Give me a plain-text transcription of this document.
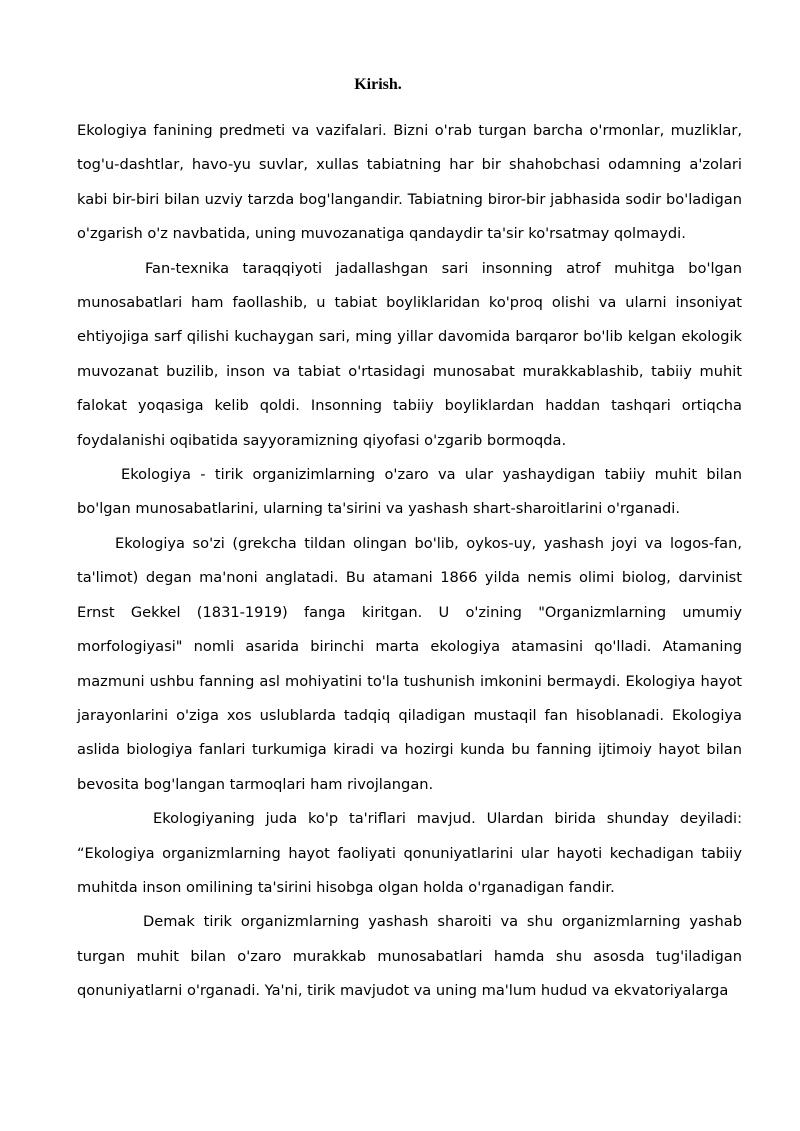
Kirish.

Ekologiya fanining predmeti va vazifalari. Bizni o'rab turgan barcha o'rmonlar, muzliklar, tog'u-dashtlar, havo-yu suvlar, xullas tabiatning har bir shahobchasi odamning a'zolari kabi bir-biri bilan uzviy tarzda bog'langandir. Tabiatning biror-bir jabhasida sodir bo'ladigan o'zgarish o'z navbatida, uning muvozanatiga qandaydir ta'sir ko'rsatmay qolmaydi.

Fan-texnika taraqqiyoti jadallashgan sari insonning atrof muhitga bo'lgan munosabatlari ham faollashib, u tabiat boyliklaridan ko'proq olishi va ularni insoniyat ehtiyojiga sarf qilishi kuchaygan sari, ming yillar davomida barqaror bo'lib kelgan ekologik muvozanat buzilib, inson va tabiat o'rtasidagi munosabat murakkablashib, tabiiy muhit falokat yoqasiga kelib qoldi. Insonning tabiiy boyliklardan haddan tashqari ortiqcha foydalanishi oqibatida sayyoramizning qiyofasi o'zgarib bormoqda.

Ekologiya - tirik organizimlarning o'zaro va ular yashaydigan tabiiy muhit bilan bo'lgan munosabatlarini, ularning ta'sirini va yashash shart-sharoitlarini o'rganadi.

Ekologiya so'zi (grekcha tildan olingan bo'lib, oykos-uy, yashash joyi va logos-fan, ta'limot) degan ma'noni anglatadi. Bu atamani 1866 yilda nemis olimi biolog, darvinist Ernst Gekkel (1831-1919) fanga kiritgan. U o'zining "Organizmlarning umumiy morfologiyasi" nomli asarida birinchi marta ekologiya atamasini qo'lladi. Atamaning mazmuni ushbu fanning asl mohiyatini to'la tushunish imkonini bermaydi. Ekologiya hayot jarayonlarini o'ziga xos uslublarda tadqiq qiladigan mustaqil fan hisoblanadi. Ekologiya aslida biologiya fanlari turkumiga kiradi va hozirgi kunda bu fanning ijtimoiy hayot bilan bevosita bog'langan tarmoqlari ham rivojlangan.

Ekologiyaning juda ko'p ta'riflari mavjud. Ulardan birida shunday deyiladi: “Ekologiya organizmlarning hayot faoliyati qonuniyatlarini ular hayoti kechadigan tabiiy muhitda inson omilining ta'sirini hisobga olgan holda o'rganadigan fandir.

Demak tirik organizmlarning yashash sharoiti va shu organizmlarning yashab turgan muhit bilan o'zaro murakkab munosabatlari hamda shu asosda tug'iladigan qonuniyatlarni o'rganadi. Ya'ni, tirik mavjudot va uning ma'lum hudud va ekvatoriyalarga
